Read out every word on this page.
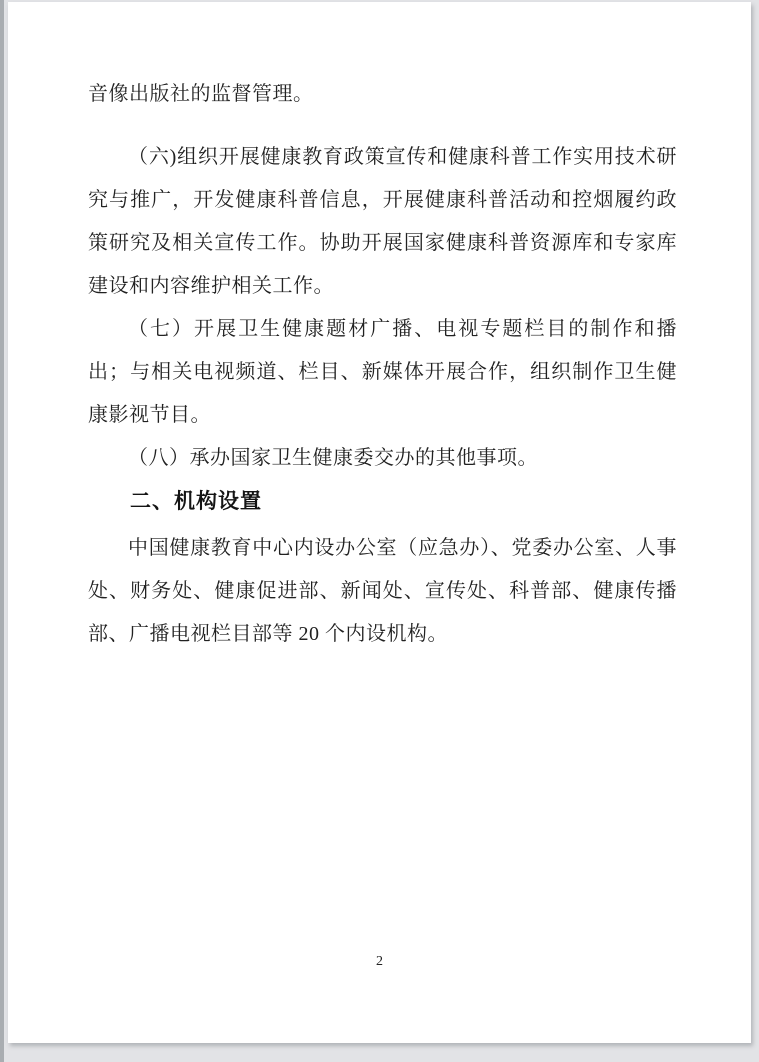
音像出版社的监督管理。

（六)组织开展健康教育政策宣传和健康科普工作实用技术研究与推广，开发健康科普信息，开展健康科普活动和控烟履约政策研究及相关宣传工作。协助开展国家健康科普资源库和专家库建设和内容维护相关工作。

（七）开展卫生健康题材广播、电视专题栏目的制作和播出；与相关电视频道、栏目、新媒体开展合作，组织制作卫生健康影视节目。

（八）承办国家卫生健康委交办的其他事项。

二、机构设置

中国健康教育中心内设办公室（应急办）、党委办公室、人事处、财务处、健康促进部、新闻处、宣传处、科普部、健康传播部、广播电视栏目部等 20 个内设机构。

2
